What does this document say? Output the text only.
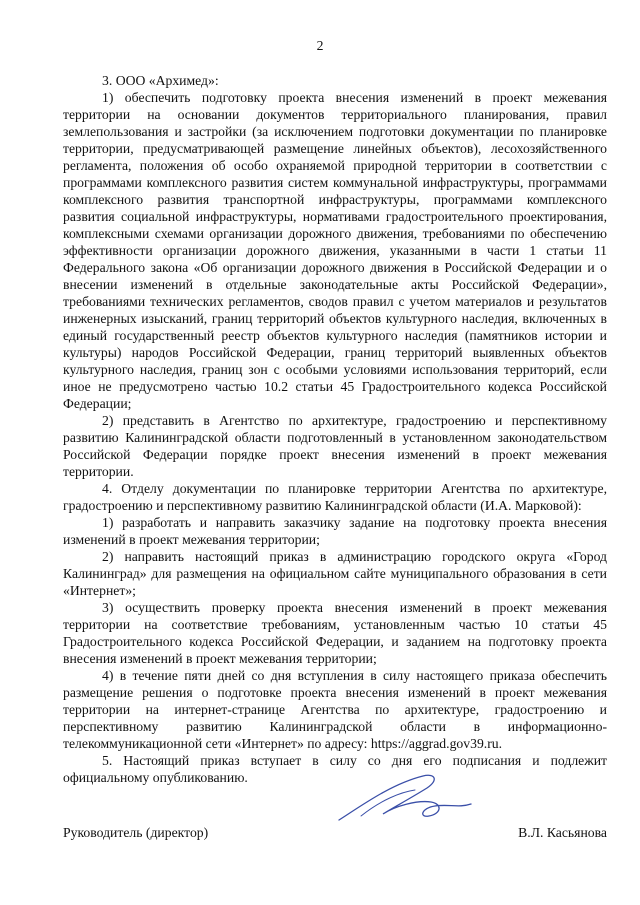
2

3. ООО «Архимед»:

1) обеспечить подготовку проекта внесения изменений в проект межевания территории на основании документов территориального планирования, правил землепользования и застройки (за исключением подготовки документации по планировке территории, предусматривающей размещение линейных объектов), лесохозяйственного регламента, положения об особо охраняемой природной территории в соответствии с программами комплексного развития систем коммунальной инфраструктуры, программами комплексного развития транспортной инфраструктуры, программами комплексного развития социальной инфраструктуры, нормативами градостроительного проектирования, комплексными схемами организации дорожного движения, требованиями по обеспечению эффективности организации дорожного движения, указанными в части 1 статьи 11 Федерального закона «Об организации дорожного движения в Российской Федерации и о внесении изменений в отдельные законодательные акты Российской Федерации», требованиями технических регламентов, сводов правил с учетом материалов и результатов инженерных изысканий, границ территорий объектов культурного наследия, включенных в единый государственный реестр объектов культурного наследия (памятников истории и культуры) народов Российской Федерации, границ территорий выявленных объектов культурного наследия, границ зон с особыми условиями использования территорий, если иное не предусмотрено частью 10.2 статьи 45 Градостроительного кодекса Российской Федерации;

2) представить в Агентство по архитектуре, градостроению и перспективному развитию Калининградской области подготовленный в установленном законодательством Российской Федерации порядке проект внесения изменений в проект межевания территории.

4. Отделу документации по планировке территории Агентства по архитектуре, градостроению и перспективному развитию Калининградской области (И.А. Марковой):

1) разработать и направить заказчику задание на подготовку проекта внесения изменений в проект межевания территории;

2) направить настоящий приказ в администрацию городского округа «Город Калининград» для размещения на официальном сайте муниципального образования в сети «Интернет»;

3) осуществить проверку проекта внесения изменений в проект межевания территории на соответствие требованиям, установленным частью 10 статьи 45 Градостроительного кодекса Российской Федерации, и заданием на подготовку проекта внесения изменений в проект межевания территории;

4) в течение пяти дней со дня вступления в силу настоящего приказа обеспечить размещение решения о подготовке проекта внесения изменений в проект межевания территории на интернет-странице Агентства по архитектуре, градостроению и перспективному развитию Калининградской области в информационно-телекоммуникационной сети «Интернет» по адресу: https://aggrad.gov39.ru.

5. Настоящий приказ вступает в силу со дня его подписания и подлежит официальному опубликованию.

Руководитель (директор)	В.Л. Касьянова
